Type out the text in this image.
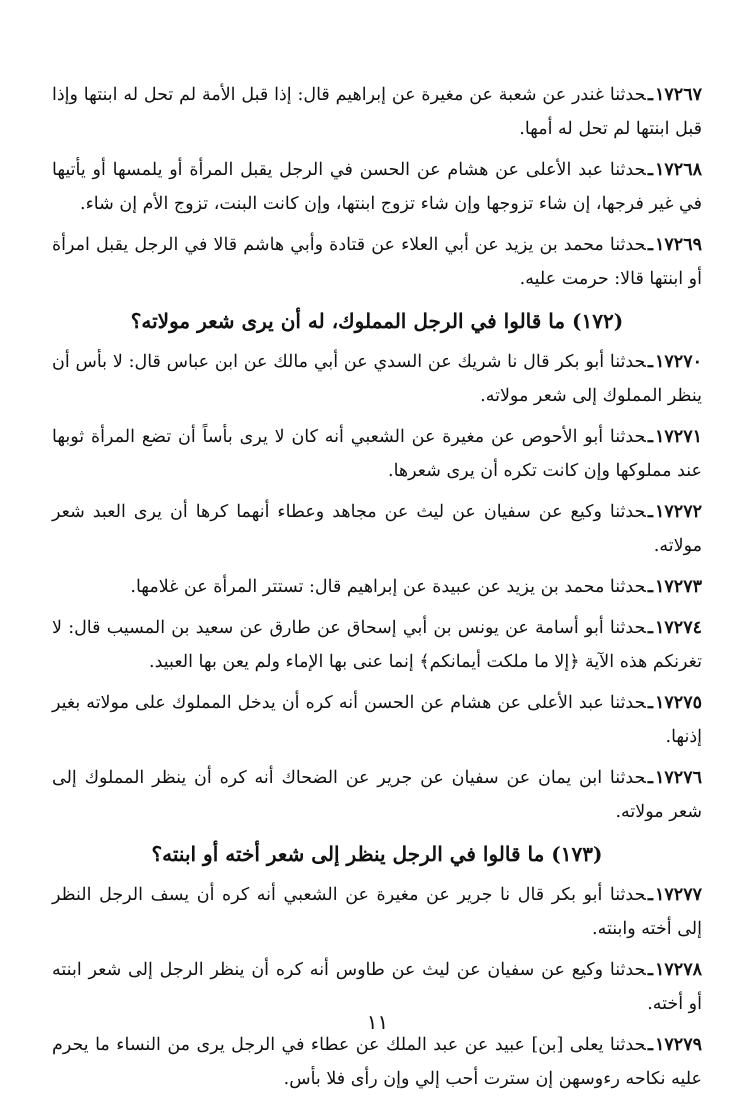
١٧٢٦٧ـحدثنا غندر عن شعبة عن مغيرة عن إبراهيم قال: إذا قبل الأمة لم تحل له ابنتها وإذا قبل ابنتها لم تحل له أمها.

١٧٢٦٨ـحدثنا عبد الأعلى عن هشام عن الحسن في الرجل يقبل المرأة أو يلمسها أو يأتيها في غير فرجها، إن شاء تزوجها وإن شاء تزوج ابنتها، وإن كانت البنت، تزوج الأم إن شاء.

١٧٢٦٩ـحدثنا محمد بن يزيد عن أبي العلاء عن قتادة وأبي هاشم قالا في الرجل يقبل امرأة أو ابنتها قالا: حرمت عليه.

(١٧٢) ما قالوا في الرجل المملوك، له أن يرى شعر مولاته؟

١٧٢٧٠ـحدثنا أبو بكر قال نا شريك عن السدي عن أبي مالك عن ابن عباس قال: لا بأس أن ينظر المملوك إلى شعر مولاته.

١٧٢٧١ـحدثنا أبو الأحوص عن مغيرة عن الشعبي أنه كان لا يرى بأساً أن تضع المرأة ثوبها عند مملوكها وإن كانت تكره أن يرى شعرها.

١٧٢٧٢ـحدثنا وكيع عن سفيان عن ليث عن مجاهد وعطاء أنهما كرها أن يرى العبد شعر مولاته.

١٧٢٧٣ـحدثنا محمد بن يزيد عن عبيدة عن إبراهيم قال: تستتر المرأة عن غلامها.

١٧٢٧٤ـحدثنا أبو أسامة عن يونس بن أبي إسحاق عن طارق عن سعيد بن المسيب قال: لا تغرنكم هذه الآية ﴿إلا ما ملكت أيمانكم﴾ إنما عنى بها الإماء ولم يعن بها العبيد.

١٧٢٧٥ـحدثنا عبد الأعلى عن هشام عن الحسن أنه كره أن يدخل المملوك على مولاته بغير إذنها.

١٧٢٧٦ـحدثنا ابن يمان عن سفيان عن جرير عن الضحاك أنه كره أن ينظر المملوك إلى شعر مولاته.

(١٧٣) ما قالوا في الرجل ينظر إلى شعر أخته أو ابنته؟

١٧٢٧٧ـحدثنا أبو بكر قال نا جرير عن مغيرة عن الشعبي أنه كره أن يسف الرجل النظر إلى أخته وابنته.

١٧٢٧٨ـحدثنا وكيع عن سفيان عن ليث عن طاوس أنه كره أن ينظر الرجل إلى شعر ابنته أو أخته.

١٧٢٧٩ـحدثنا يعلى [بن] عبيد عن عبد الملك عن عطاء في الرجل يرى من النساء ما يحرم عليه نكاحه رءوسهن إن سترت أحب إلي وإن رأى فلا بأس.

١١
